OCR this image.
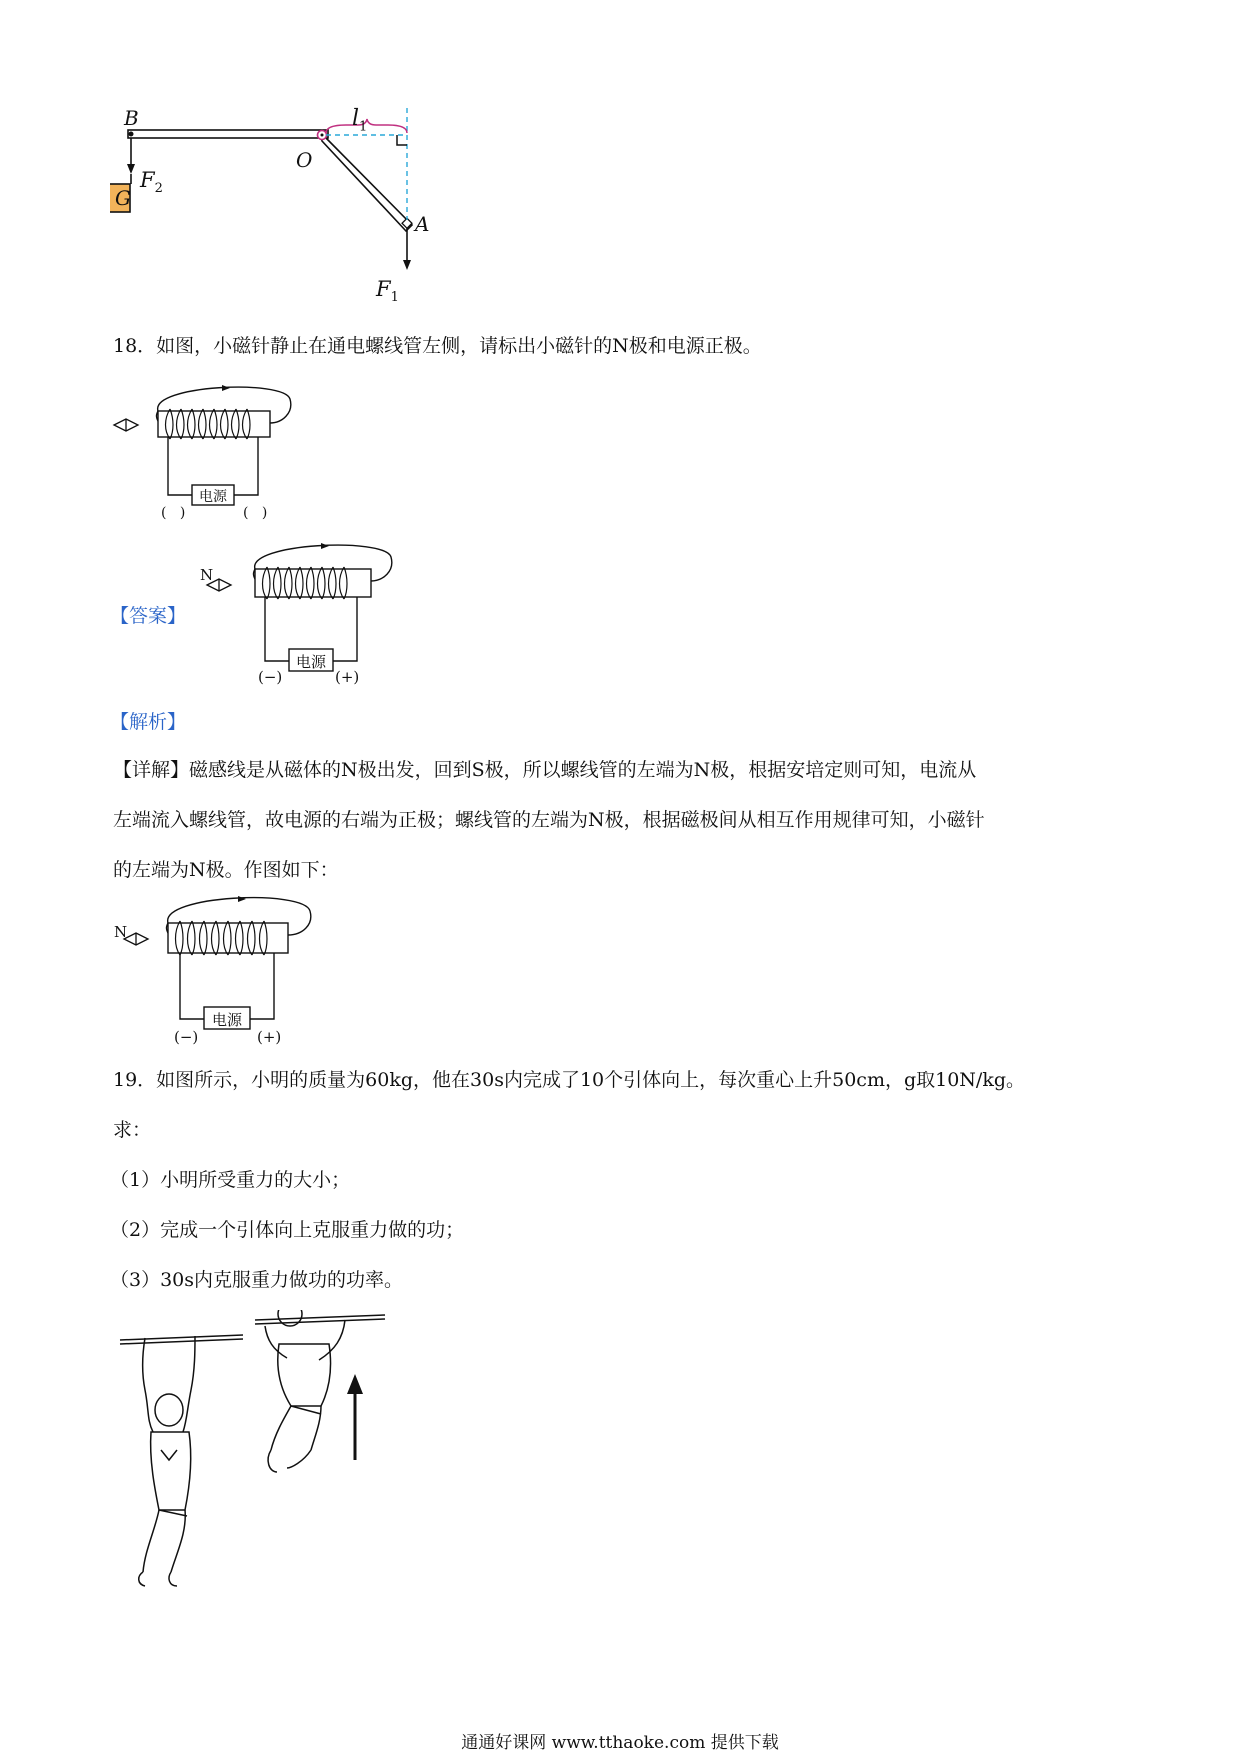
B
O
A
$l_1$
$F_2$
$F_1$
G
18．如图，小磁针静止在通电螺线管左侧，请标出小磁针的N极和电源正极。
电源
(   )	(   )
【答案】
N
电源
(−)	(+)
【解析】
【详解】磁感线是从磁体的N极出发，回到S极，所以螺线管的左端为N极，根据安培定则可知，电流从
左端流入螺线管，故电源的右端为正极；螺线管的左端为N极，根据磁极间从相互作用规律可知，小磁针
的左端为N极。作图如下：
N
电源
(−)	(+)
19．如图所示，小明的质量为60kg，他在30s内完成了10个引体向上，每次重心上升50cm，g取10N/kg。
求：
（1）小明所受重力的大小；
（2）完成一个引体向上克服重力做的功；
（3）30s内克服重力做功的功率。
通通好课网 www.tthaoke.com 提供下载
